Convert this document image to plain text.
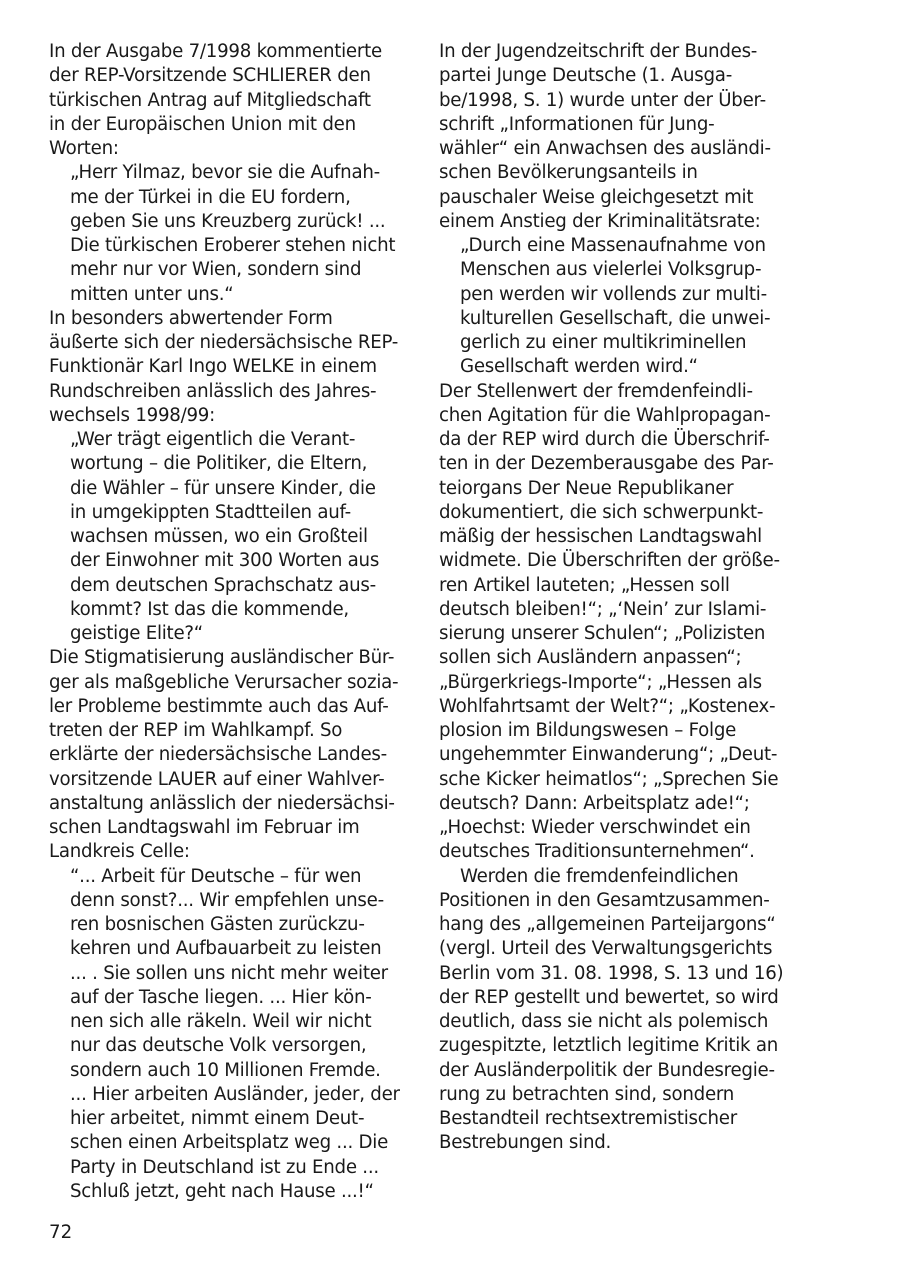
In der Ausgabe 7/1998 kommentierte
der REP-Vorsitzende SCHLIERER den
türkischen Antrag auf Mitgliedschaft
in der Europäischen Union mit den
Worten:
„Herr Yilmaz, bevor sie die Aufnah-
me der Türkei in die EU fordern,
geben Sie uns Kreuzberg zurück! ...
Die türkischen Eroberer stehen nicht
mehr nur vor Wien, sondern sind
mitten unter uns.“
In besonders abwertender Form
äußerte sich der niedersächsische REP-
Funktionär Karl Ingo WELKE in einem
Rundschreiben anlässlich des Jahres-
wechsels 1998/99:
„Wer trägt eigentlich die Verant-
wortung – die Politiker, die Eltern,
die Wähler – für unsere Kinder, die
in umgekippten Stadtteilen auf-
wachsen müssen, wo ein Großteil
der Einwohner mit 300 Worten aus
dem deutschen Sprachschatz aus-
kommt? Ist das die kommende,
geistige Elite?“
Die Stigmatisierung ausländischer Bür-
ger als maßgebliche Verursacher sozia-
ler Probleme bestimmte auch das Auf-
treten der REP im Wahlkampf. So
erklärte der niedersächsische Landes-
vorsitzende LAUER auf einer Wahlver-
anstaltung anlässlich der niedersächsi-
schen Landtagswahl im Februar im
Landkreis Celle:
“... Arbeit für Deutsche – für wen
denn sonst?... Wir empfehlen unse-
ren bosnischen Gästen zurückzu-
kehren und Aufbauarbeit zu leisten
... . Sie sollen uns nicht mehr weiter
auf der Tasche liegen. ... Hier kön-
nen sich alle räkeln. Weil wir nicht
nur das deutsche Volk versorgen,
sondern auch 10 Millionen Fremde.
... Hier arbeiten Ausländer, jeder, der
hier arbeitet, nimmt einem Deut-
schen einen Arbeitsplatz weg ... Die
Party in Deutschland ist zu Ende ...
Schluß jetzt, geht nach Hause ...!“
In der Jugendzeitschrift der Bundes-
partei Junge Deutsche (1. Ausga-
be/1998, S. 1) wurde unter der Über-
schrift „Informationen für Jung-
wähler“ ein Anwachsen des ausländi-
schen Bevölkerungsanteils in
pauschaler Weise gleichgesetzt mit
einem Anstieg der Kriminalitätsrate:
„Durch eine Massenaufnahme von
Menschen aus vielerlei Volksgrup-
pen werden wir vollends zur multi-
kulturellen Gesellschaft, die unwei-
gerlich zu einer multikriminellen
Gesellschaft werden wird.“
Der Stellenwert der fremdenfeindli-
chen Agitation für die Wahlpropagan-
da der REP wird durch die Überschrif-
ten in der Dezemberausgabe des Par-
teiorgans Der Neue Republikaner
dokumentiert, die sich schwerpunkt-
mäßig der hessischen Landtagswahl
widmete. Die Überschriften der größe-
ren Artikel lauteten; „Hessen soll
deutsch bleiben!“; „‘Nein’ zur Islami-
sierung unserer Schulen“; „Polizisten
sollen sich Ausländern anpassen“;
„Bürgerkriegs-Importe“; „Hessen als
Wohlfahrtsamt der Welt?“; „Kostenex-
plosion im Bildungswesen – Folge
ungehemmter Einwanderung“; „Deut-
sche Kicker heimatlos“; „Sprechen Sie
deutsch? Dann: Arbeitsplatz ade!“;
„Hoechst: Wieder verschwindet ein
deutsches Traditionsunternehmen“.
Werden die fremdenfeindlichen
Positionen in den Gesamtzusammen-
hang des „allgemeinen Parteijargons“
(vergl. Urteil des Verwaltungsgerichts
Berlin vom 31. 08. 1998, S. 13 und 16)
der REP gestellt und bewertet, so wird
deutlich, dass sie nicht als polemisch
zugespitzte, letztlich legitime Kritik an
der Ausländerpolitik der Bundesregie-
rung zu betrachten sind, sondern
Bestandteil rechtsextremistischer
Bestrebungen sind.
72
